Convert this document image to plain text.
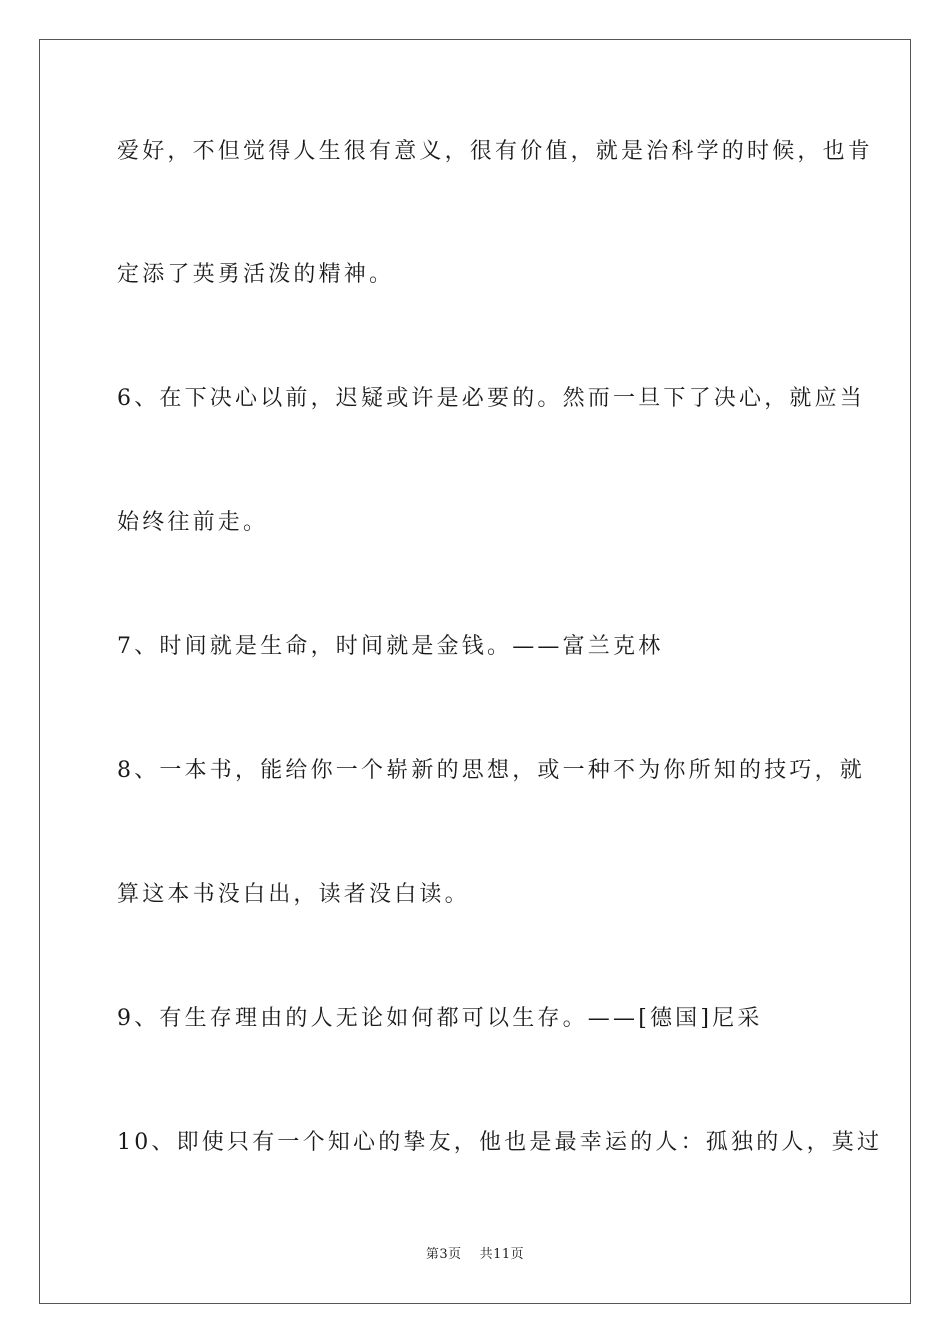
爱好，不但觉得人生很有意义，很有价值，就是治科学的时候，也肯

定添了英勇活泼的精神。

6、在下决心以前，迟疑或许是必要的。然而一旦下了决心，就应当

始终往前走。

7、时间就是生命，时间就是金钱。——富兰克林

8、一本书，能给你一个崭新的思想，或一种不为你所知的技巧，就

算这本书没白出，读者没白读。

9、有生存理由的人无论如何都可以生存。——[德国]尼采

10、即使只有一个知心的挚友，他也是最幸运的人：孤独的人，莫过

第3页 共11页
